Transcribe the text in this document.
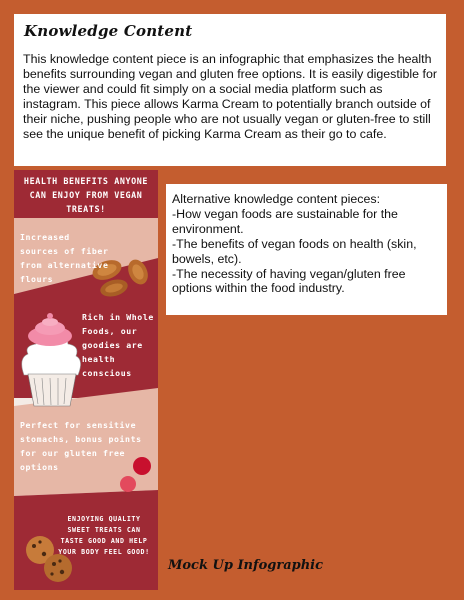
Knowledge Content
This knowledge content piece is an infographic that emphasizes the health benefits surrounding vegan and gluten free options. It is easily digestible for the viewer and could fit simply on a social media platform such as instagram. This piece allows Karma Cream to potentially branch outside of their niche, pushing people who are not usually vegan or gluten-free to still see the unique benefit of picking Karma Cream as their go to cafe.
HEALTH BENEFITS ANYONE CAN ENJOY FROM VEGAN TREATS!
Increased sources of fiber from alternative flours
Rich in Whole Foods, our goodies are health conscious
Perfect for sensitive stomachs, bonus points for our gluten free options
ENJOYING QUALITY SWEET TREATS CAN TASTE GOOD AND HELP YOUR BODY FEEL GOOD!
Alternative knowledge content pieces:
-How vegan foods are sustainable for the environment.
-The benefits of vegan foods on health (skin, bowels, etc).
-The necessity of having vegan/gluten free options within the food industry.
Mock Up Infographic
